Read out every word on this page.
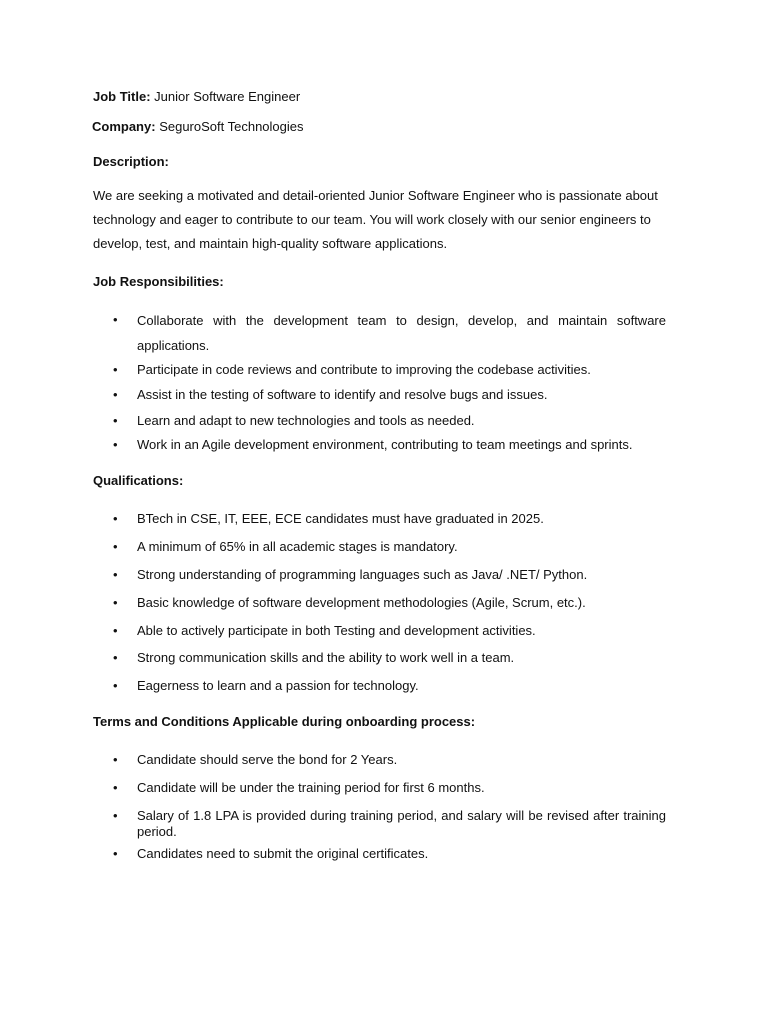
Job Title: Junior Software Engineer
Company: SeguroSoft Technologies
Description:
We are seeking a motivated and detail-oriented Junior Software Engineer who is passionate about technology and eager to contribute to our team. You will work closely with our senior engineers to develop, test, and maintain high-quality software applications.
Job Responsibilities:
• Collaborate with the development team to design, develop, and maintain software applications.
• Participate in code reviews and contribute to improving the codebase activities.
• Assist in the testing of software to identify and resolve bugs and issues.
• Learn and adapt to new technologies and tools as needed.
• Work in an Agile development environment, contributing to team meetings and sprints.
Qualifications:
• BTech in CSE, IT, EEE, ECE candidates must have graduated in 2025.
• A minimum of 65% in all academic stages is mandatory.
• Strong understanding of programming languages such as Java/ .NET/ Python.
• Basic knowledge of software development methodologies (Agile, Scrum, etc.).
• Able to actively participate in both Testing and development activities.
• Strong communication skills and the ability to work well in a team.
• Eagerness to learn and a passion for technology.
Terms and Conditions Applicable during onboarding process:
• Candidate should serve the bond for 2 Years.
• Candidate will be under the training period for first 6 months.
• Salary of 1.8 LPA is provided during training period, and salary will be revised after training period.
• Candidates need to submit the original certificates.
